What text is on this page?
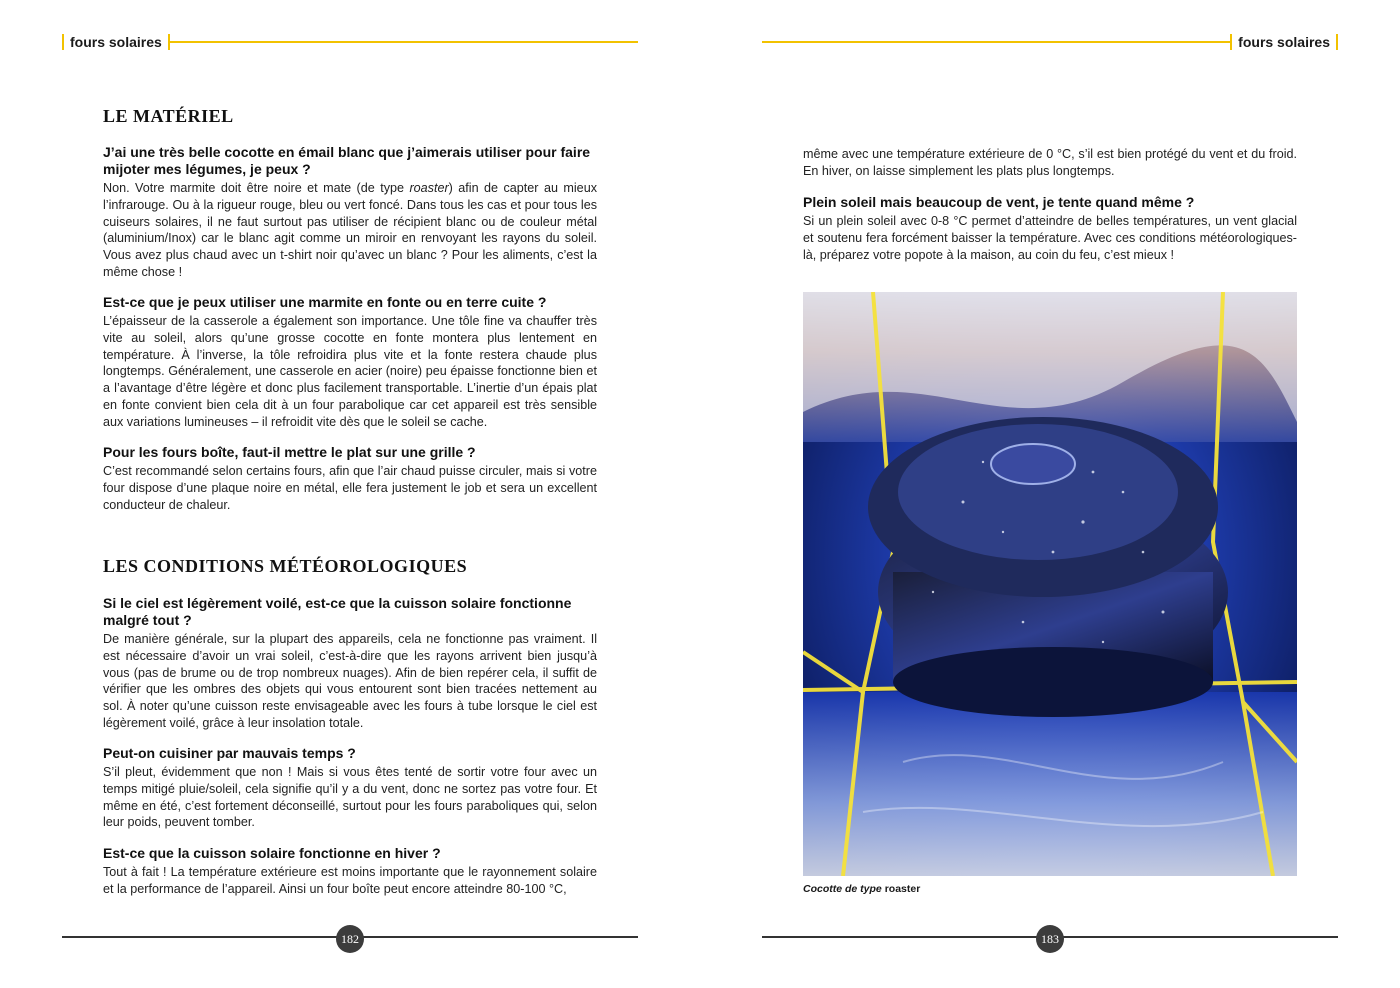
fours solaires
LE MATÉRIEL

J’ai une très belle cocotte en émail blanc que j’aimerais utiliser pour faire mijoter mes légumes, je peux ?

Non. Votre marmite doit être noire et mate (de type roaster) afin de capter au mieux l’infrarouge. Ou à la rigueur rouge, bleu ou vert foncé. Dans tous les cas et pour tous les cuiseurs solaires, il ne faut surtout pas utiliser de récipient blanc ou de couleur métal (aluminium/Inox) car le blanc agit comme un miroir en renvoyant les rayons du soleil. Vous avez plus chaud avec un t-shirt noir qu’avec un blanc ? Pour les aliments, c’est la même chose !

Est-ce que je peux utiliser une marmite en fonte ou en terre cuite ?

L’épaisseur de la casserole a également son importance. Une tôle fine va chauffer très vite au soleil, alors qu’une grosse cocotte en fonte montera plus lentement en température. À l’inverse, la tôle refroidira plus vite et la fonte restera chaude plus longtemps. Généralement, une casserole en acier (noire) peu épaisse fonctionne bien et a l’avantage d’être légère et donc plus facilement transportable. L’inertie d’un épais plat en fonte convient bien cela dit à un four parabolique car cet appareil est très sensible aux variations lumineuses – il refroidit vite dès que le soleil se cache.

Pour les fours boîte, faut-il mettre le plat sur une grille ?

C’est recommandé selon certains fours, afin que l’air chaud puisse circuler, mais si votre four dispose d’une plaque noire en métal, elle fera justement le job et sera un excellent conducteur de chaleur.

LES CONDITIONS MÉTÉOROLOGIQUES

Si le ciel est légèrement voilé, est-ce que la cuisson solaire fonctionne malgré tout ?

De manière générale, sur la plupart des appareils, cela ne fonctionne pas vraiment. Il est nécessaire d’avoir un vrai soleil, c’est-à-dire que les rayons arrivent bien jusqu’à vous (pas de brume ou de trop nombreux nuages). Afin de bien repérer cela, il suffit de vérifier que les ombres des objets qui vous entourent sont bien tracées nettement au sol. À noter qu’une cuisson reste envisageable avec les fours à tube lorsque le ciel est légèrement voilé, grâce à leur insolation totale.

Peut-on cuisiner par mauvais temps ?

S’il pleut, évidemment que non ! Mais si vous êtes tenté de sortir votre four avec un temps mitigé pluie/soleil, cela signifie qu’il y a du vent, donc ne sortez pas votre four. Et même en été, c’est fortement déconseillé, surtout pour les fours paraboliques qui, selon leur poids, peuvent tomber.

Est-ce que la cuisson solaire fonctionne en hiver ?

Tout à fait ! La température extérieure est moins importante que le rayonnement solaire et la performance de l’appareil. Ainsi un four boîte peut encore atteindre 80-100 °C,

182
fours solaires

même avec une température extérieure de 0 °C, s’il est bien protégé du vent et du froid. En hiver, on laisse simplement les plats plus longtemps.

Plein soleil mais beaucoup de vent, je tente quand même ?

Si un plein soleil avec 0-8 °C permet d’atteindre de belles températures, un vent glacial et soutenu fera forcément baisser la température. Avec ces conditions météorologiques-là, préparez votre popote à la maison, au coin du feu, c’est mieux !

Cocotte de type roaster
183
